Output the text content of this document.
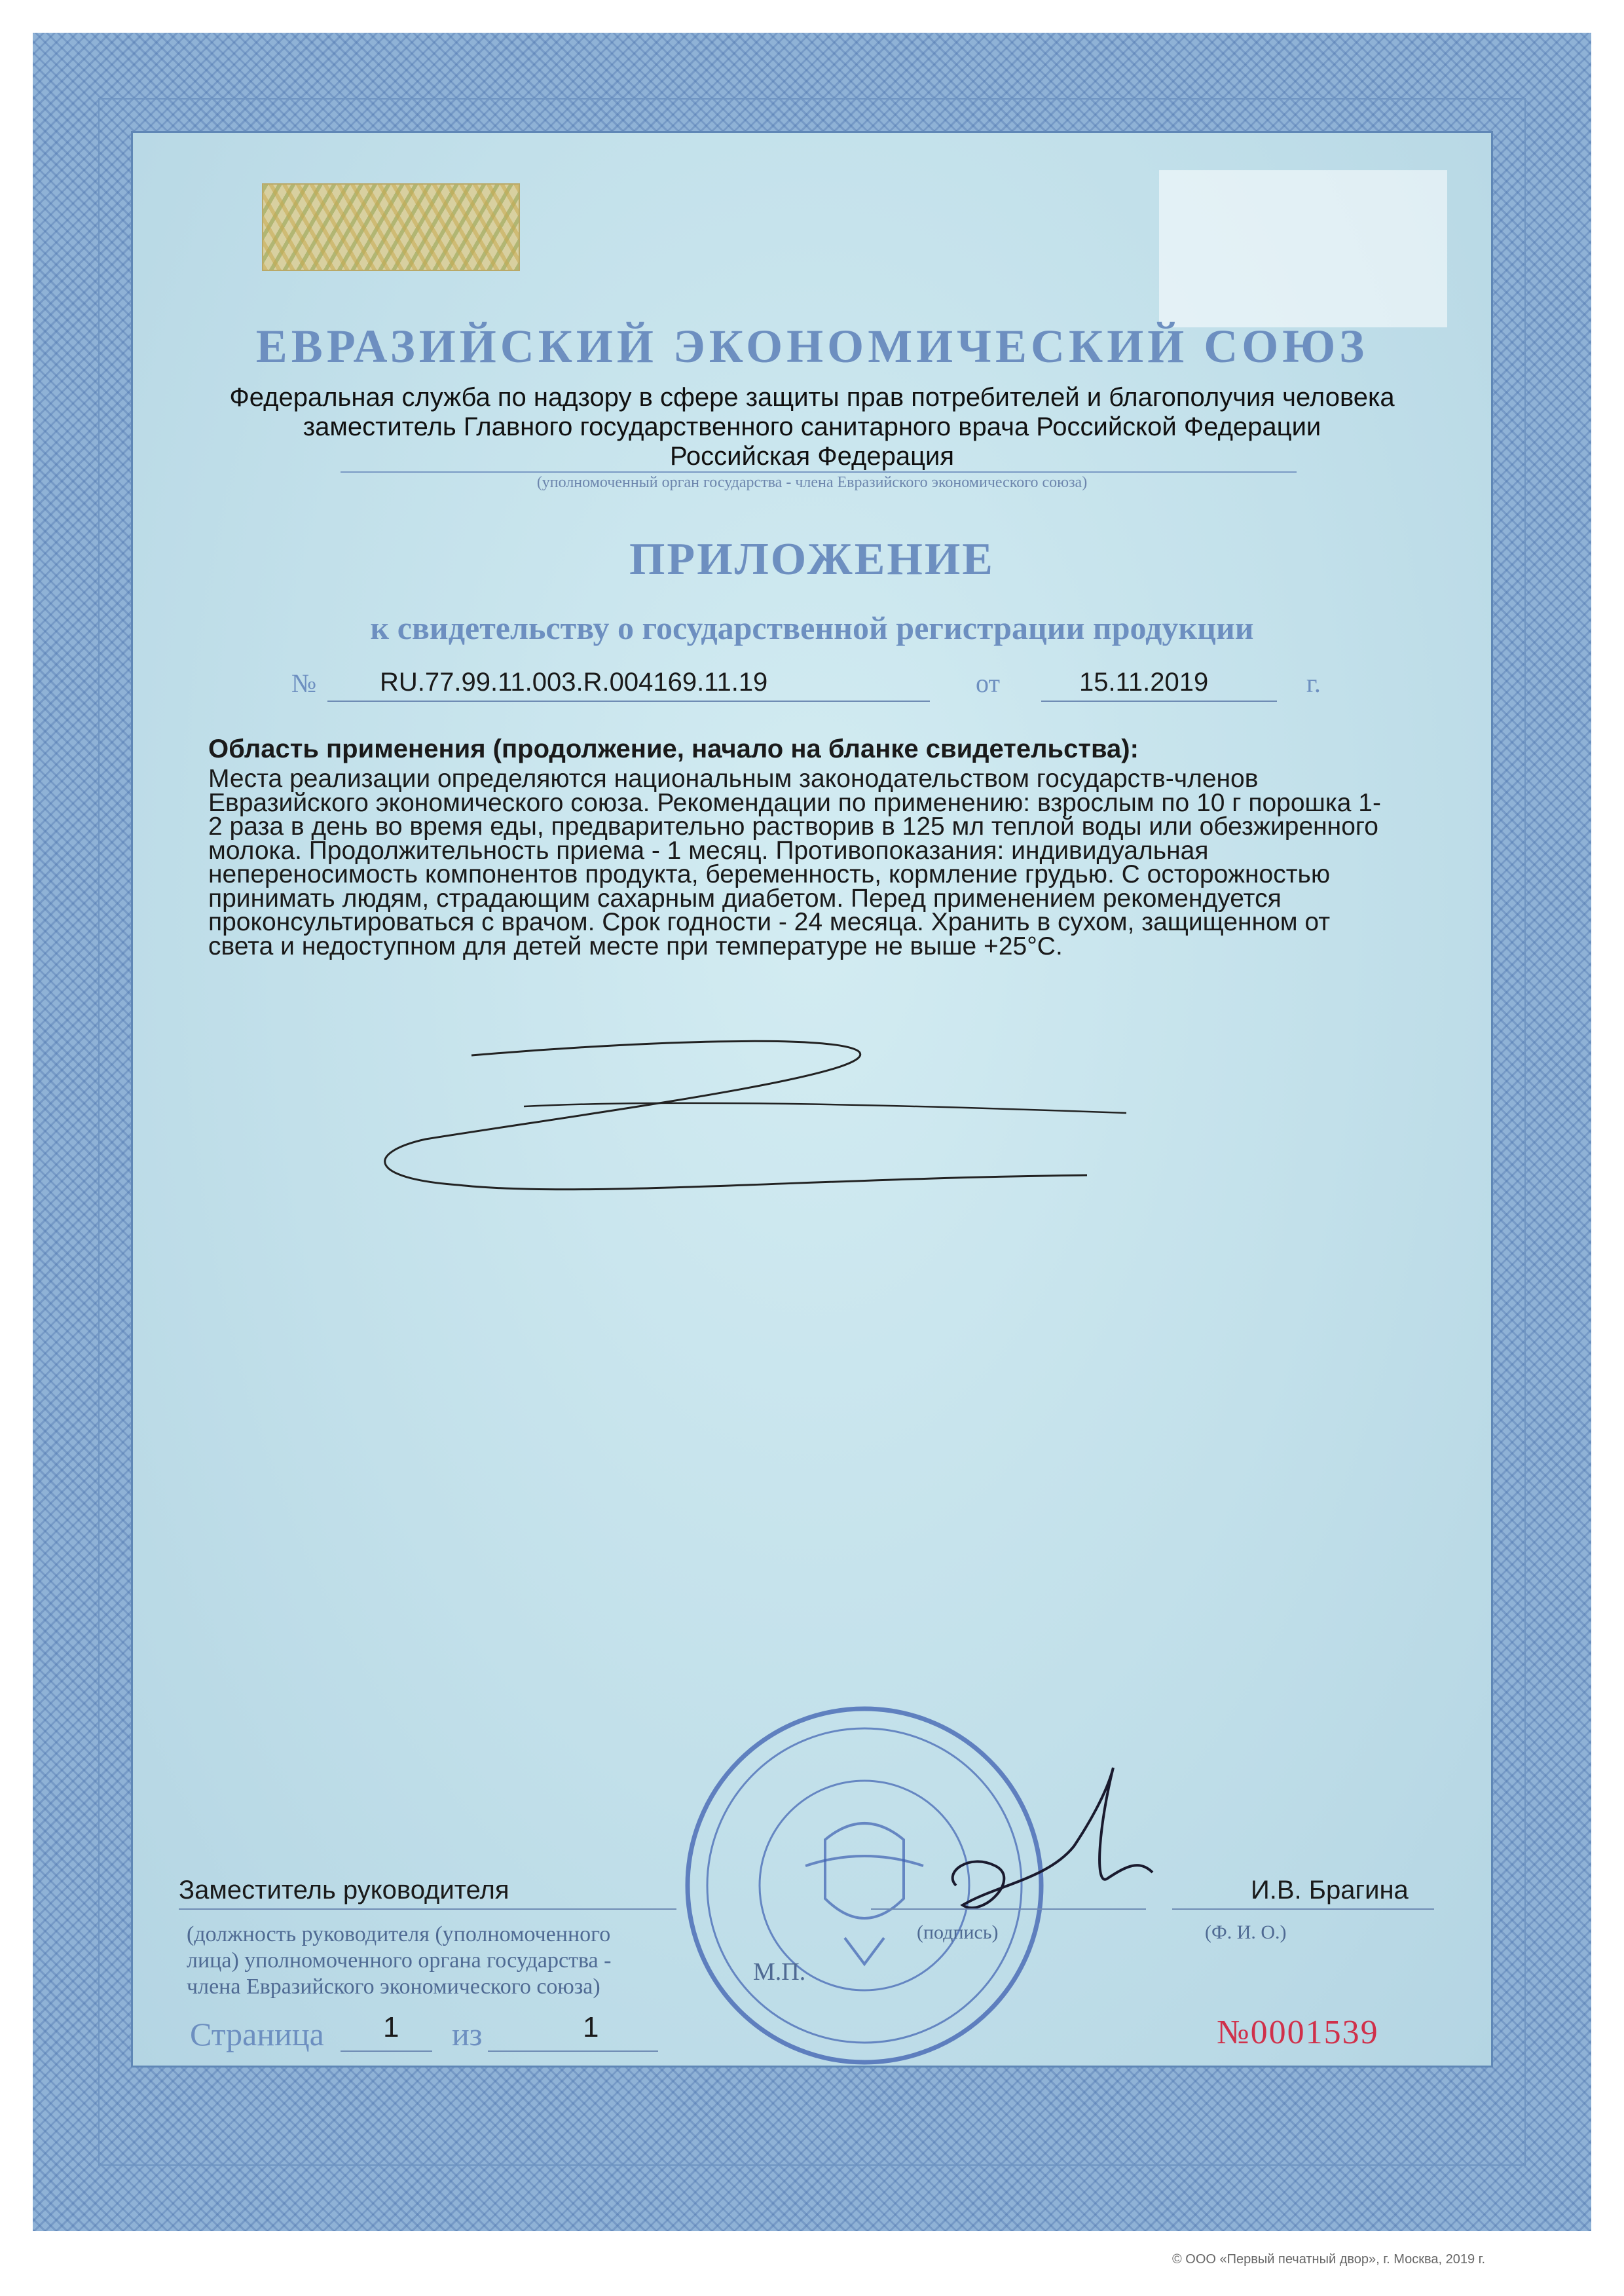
ЕВРАЗИЙСКИЙ ЭКОНОМИЧЕСКИЙ СОЮЗ
Федеральная служба по надзору в сфере защиты прав потребителей и благополучия человека
заместитель Главного государственного санитарного врача Российской Федерации
Российская Федерация
(уполномоченный орган государства - члена Евразийского экономического союза)
ПРИЛОЖЕНИЕ
к свидетельству о государственной регистрации продукции
№ RU.77.99.11.003.R.004169.11.19	от	15.11.2019	г.
Область применения (продолжение, начало на бланке свидетельства):
Места реализации определяются национальным законодательством государств-членов
Евразийского экономического союза. Рекомендации по применению: взрослым по 10 г порошка 1-
2 раза в день во время еды, предварительно растворив в 125 мл теплой воды или обезжиренного
молока. Продолжительность приема - 1 месяц. Противопоказания: индивидуальная
непереносимость компонентов продукта, беременность, кормление грудью. С осторожностью
принимать людям, страдающим сахарным диабетом. Перед применением рекомендуется
проконсультироваться с врачом. Срок годности - 24 месяца. Хранить в сухом, защищенном от
света и недоступном для детей месте при температуре не выше +25°С.
Заместитель руководителя	И.В. Брагина
(должность руководителя (уполномоченного
лица) уполномоченного органа государства -
члена Евразийского экономического союза)
(подпись)	(Ф. И. О.)
М.П.
Страница 1 из	1	№0001539
© ООО «Первый печатный двор», г. Москва, 2019 г.
